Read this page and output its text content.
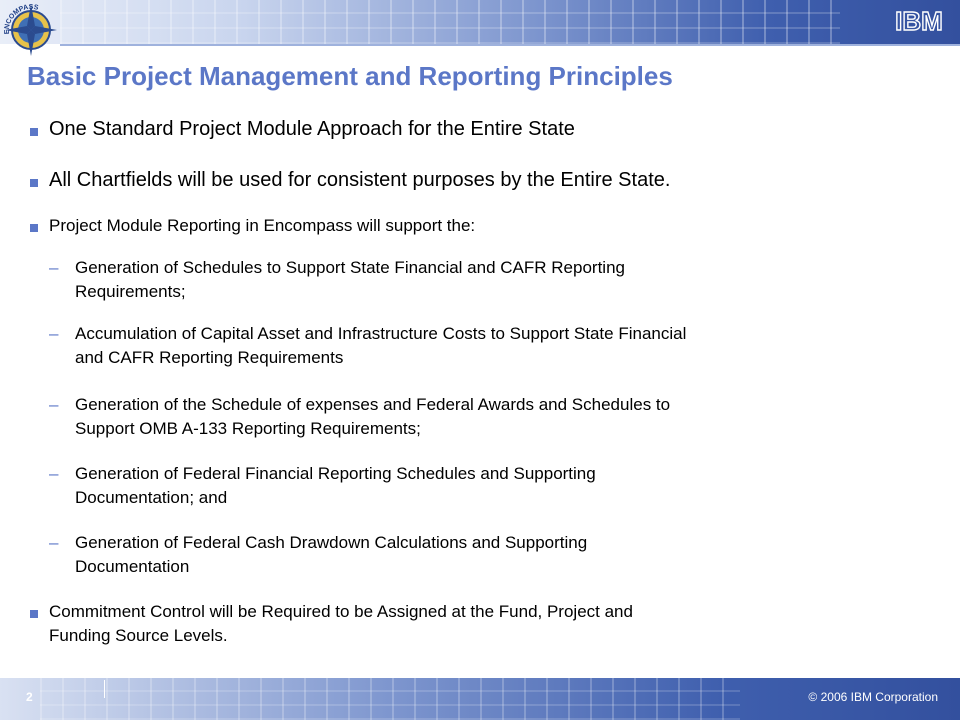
ENCOMPASS	IBM
Basic Project Management and Reporting Principles
One Standard Project Module Approach for the Entire State
All Chartfields will be used for consistent purposes by the Entire State.
Project Module Reporting in Encompass will support the:
– Generation of Schedules to Support State Financial and CAFR Reporting
Requirements;
– Accumulation of Capital Asset and Infrastructure Costs to Support State Financial
and CAFR Reporting Requirements
– Generation of the Schedule of expenses and Federal Awards and Schedules to
Support OMB A-133 Reporting Requirements;
– Generation of Federal Financial Reporting Schedules and Supporting
Documentation; and
– Generation of Federal Cash Drawdown Calculations and Supporting
Documentation
Commitment Control will be Required to be Assigned at the Fund, Project and
Funding Source Levels.
2	© 2006 IBM Corporation
